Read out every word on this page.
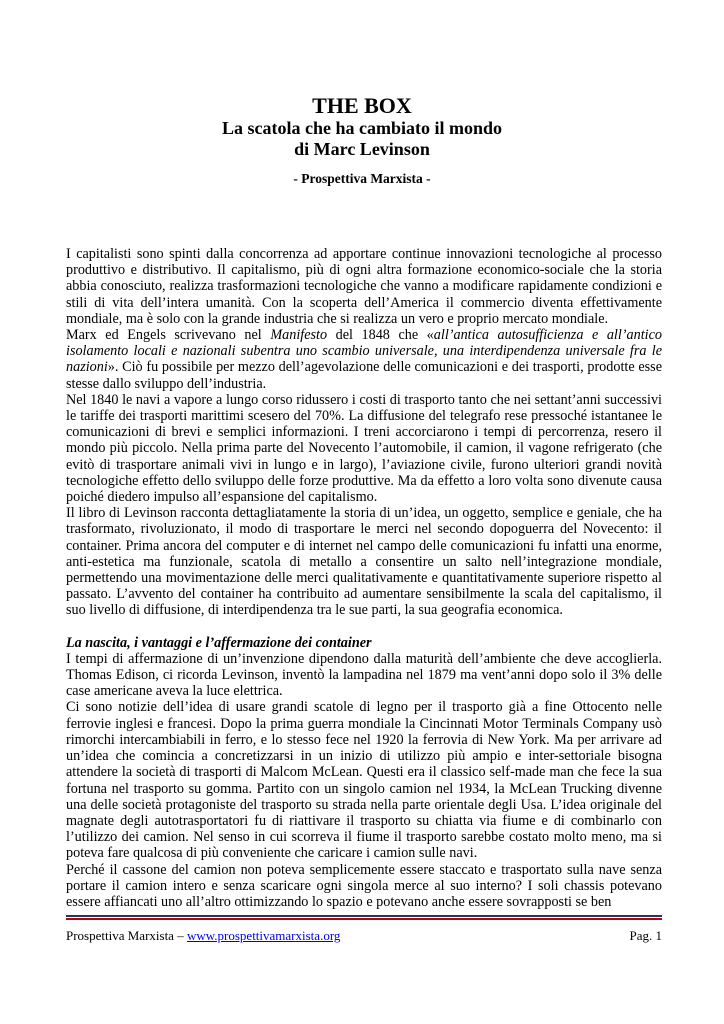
THE BOX
La scatola che ha cambiato il mondo
di Marc Levinson
- Prospettiva Marxista -

I capitalisti sono spinti dalla concorrenza ad apportare continue innovazioni tecnologiche al processo produttivo e distributivo. Il capitalismo, più di ogni altra formazione economico-sociale che la storia abbia conosciuto, realizza trasformazioni tecnologiche che vanno a modificare rapidamente condizioni e stili di vita dell’intera umanità. Con la scoperta dell’America il commercio diventa effettivamente mondiale, ma è solo con la grande industria che si realizza un vero e proprio mercato mondiale.

Marx ed Engels scrivevano nel Manifesto del 1848 che «all’antica autosufficienza e all’antico isolamento locali e nazionali subentra uno scambio universale, una interdipendenza universale fra le nazioni». Ciò fu possibile per mezzo dell’agevolazione delle comunicazioni e dei trasporti, prodotte esse stesse dallo sviluppo dell’industria.

Nel 1840 le navi a vapore a lungo corso ridussero i costi di trasporto tanto che nei settant’anni successivi le tariffe dei trasporti marittimi scesero del 70%. La diffusione del telegrafo rese pressoché istantanee le comunicazioni di brevi e semplici informazioni. I treni accorciarono i tempi di percorrenza, resero il mondo più piccolo. Nella prima parte del Novecento l’automobile, il camion, il vagone refrigerato (che evitò di trasportare animali vivi in lungo e in largo), l’aviazione civile, furono ulteriori grandi novità tecnologiche effetto dello sviluppo delle forze produttive. Ma da effetto a loro volta sono divenute causa poiché diedero impulso all’espansione del capitalismo.

Il libro di Levinson racconta dettagliatamente la storia di un’idea, un oggetto, semplice e geniale, che ha trasformato, rivoluzionato, il modo di trasportare le merci nel secondo dopoguerra del Novecento: il container. Prima ancora del computer e di internet nel campo delle comunicazioni fu infatti una enorme, anti-estetica ma funzionale, scatola di metallo a consentire un salto nell’integrazione mondiale, permettendo una movimentazione delle merci qualitativamente e quantitativamente superiore rispetto al passato. L’avvento del container ha contribuito ad aumentare sensibilmente la scala del capitalismo, il suo livello di diffusione, di interdipendenza tra le sue parti, la sua geografia economica.

La nascita, i vantaggi e l’affermazione dei container

I tempi di affermazione di un’invenzione dipendono dalla maturità dell’ambiente che deve accoglierla. Thomas Edison, ci ricorda Levinson, inventò la lampadina nel 1879 ma vent’anni dopo solo il 3% delle case americane aveva la luce elettrica.

Ci sono notizie dell’idea di usare grandi scatole di legno per il trasporto già a fine Ottocento nelle ferrovie inglesi e francesi. Dopo la prima guerra mondiale la Cincinnati Motor Terminals Company usò rimorchi intercambiabili in ferro, e lo stesso fece nel 1920 la ferrovia di New York. Ma per arrivare ad un’idea che comincia a concretizzarsi in un inizio di utilizzo più ampio e inter-settoriale bisogna attendere la società di trasporti di Malcom McLean. Questi era il classico self-made man che fece la sua fortuna nel trasporto su gomma. Partito con un singolo camion nel 1934, la McLean Trucking divenne una delle società protagoniste del trasporto su strada nella parte orientale degli Usa. L’idea originale del magnate degli autotrasportatori fu di riattivare il trasporto su chiatta via fiume e di combinarlo con l’utilizzo dei camion. Nel senso in cui scorreva il fiume il trasporto sarebbe costato molto meno, ma si poteva fare qualcosa di più conveniente che caricare i camion sulle navi.

Perché il cassone del camion non poteva semplicemente essere staccato e trasportato sulla nave senza portare il camion intero e senza scaricare ogni singola merce al suo interno? I soli chassis potevano essere affiancati uno all’altro ottimizzando lo spazio e potevano anche essere sovrapposti se ben

Prospettiva Marxista – www.prospettivamarxista.org	Pag. 1
